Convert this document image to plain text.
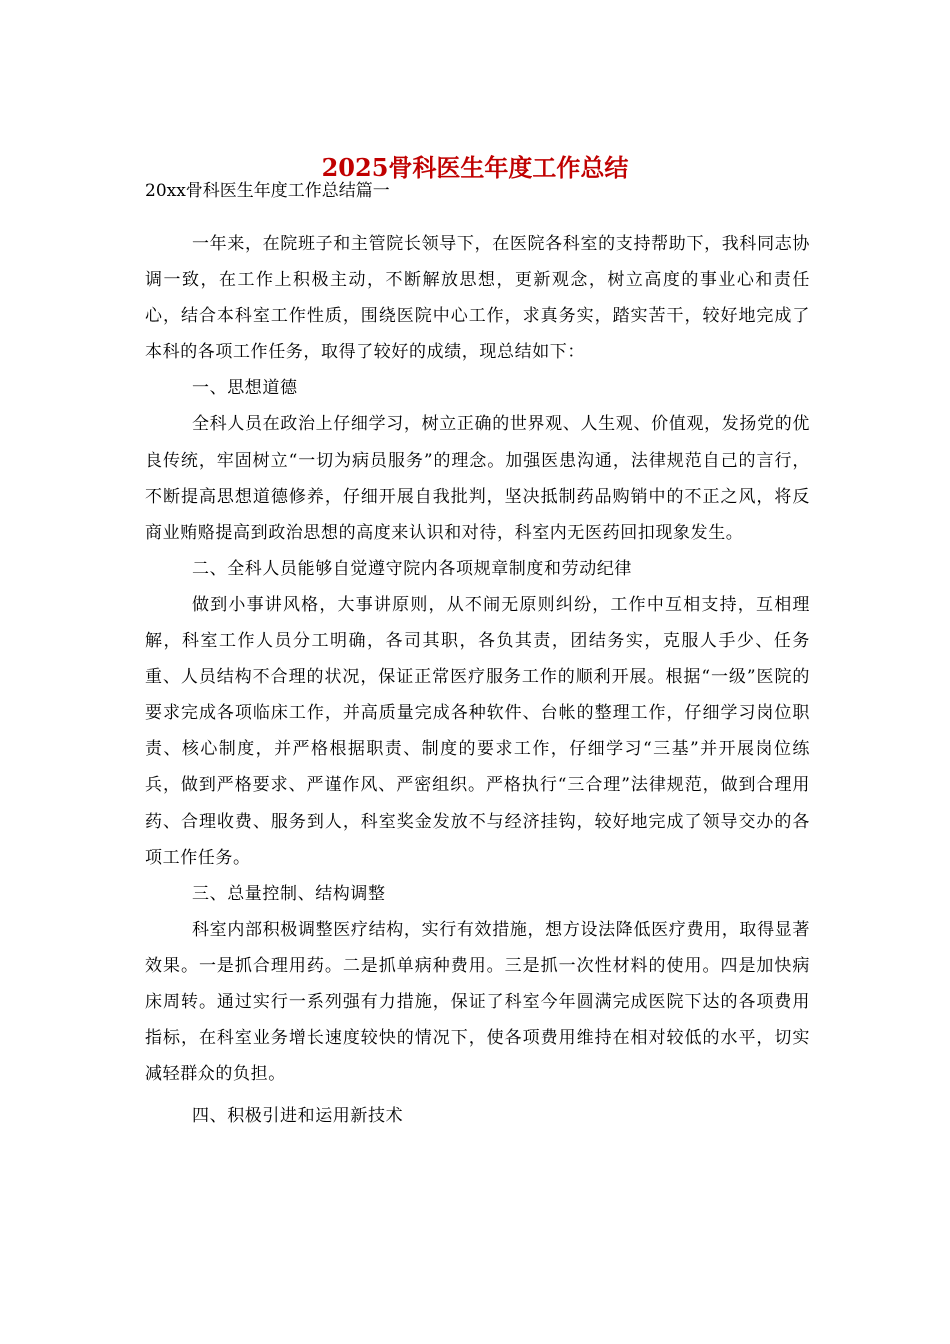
2025骨科医生年度工作总结

20xx骨科医生年度工作总结篇一

一年来，在院班子和主管院长领导下，在医院各科室的支持帮助下，我科同志协调一致，在工作上积极主动，不断解放思想，更新观念，树立高度的事业心和责任心，结合本科室工作性质，围绕医院中心工作，求真务实，踏实苦干，较好地完成了本科的各项工作任务，取得了较好的成绩，现总结如下：

一、思想道德

全科人员在政治上仔细学习，树立正确的世界观、人生观、价值观，发扬党的优良传统，牢固树立“一切为病员服务”的理念。加强医患沟通，法律规范自己的言行，不断提高思想道德修养，仔细开展自我批判，坚决抵制药品购销中的不正之风，将反商业贿赂提高到政治思想的高度来认识和对待，科室内无医药回扣现象发生。

二、全科人员能够自觉遵守院内各项规章制度和劳动纪律

做到小事讲风格，大事讲原则，从不闹无原则纠纷，工作中互相支持，互相理解，科室工作人员分工明确，各司其职，各负其责，团结务实，克服人手少、任务重、人员结构不合理的状况，保证正常医疗服务工作的顺利开展。根据“一级”医院的要求完成各项临床工作，并高质量完成各种软件、台帐的整理工作，仔细学习岗位职责、核心制度，并严格根据职责、制度的要求工作，仔细学习“三基”并开展岗位练兵，做到严格要求、严谨作风、严密组织。严格执行“三合理”法律规范，做到合理用药、合理收费、服务到人，科室奖金发放不与经济挂钩，较好地完成了领导交办的各项工作任务。

三、总量控制、结构调整

科室内部积极调整医疗结构，实行有效措施，想方设法降低医疗费用，取得显著效果。一是抓合理用药。二是抓单病种费用。三是抓一次性材料的使用。四是加快病床周转。通过实行一系列强有力措施，保证了科室今年圆满完成医院下达的各项费用指标，在科室业务增长速度较快的情况下，使各项费用维持在相对较低的水平，切实减轻群众的负担。

四、积极引进和运用新技术
